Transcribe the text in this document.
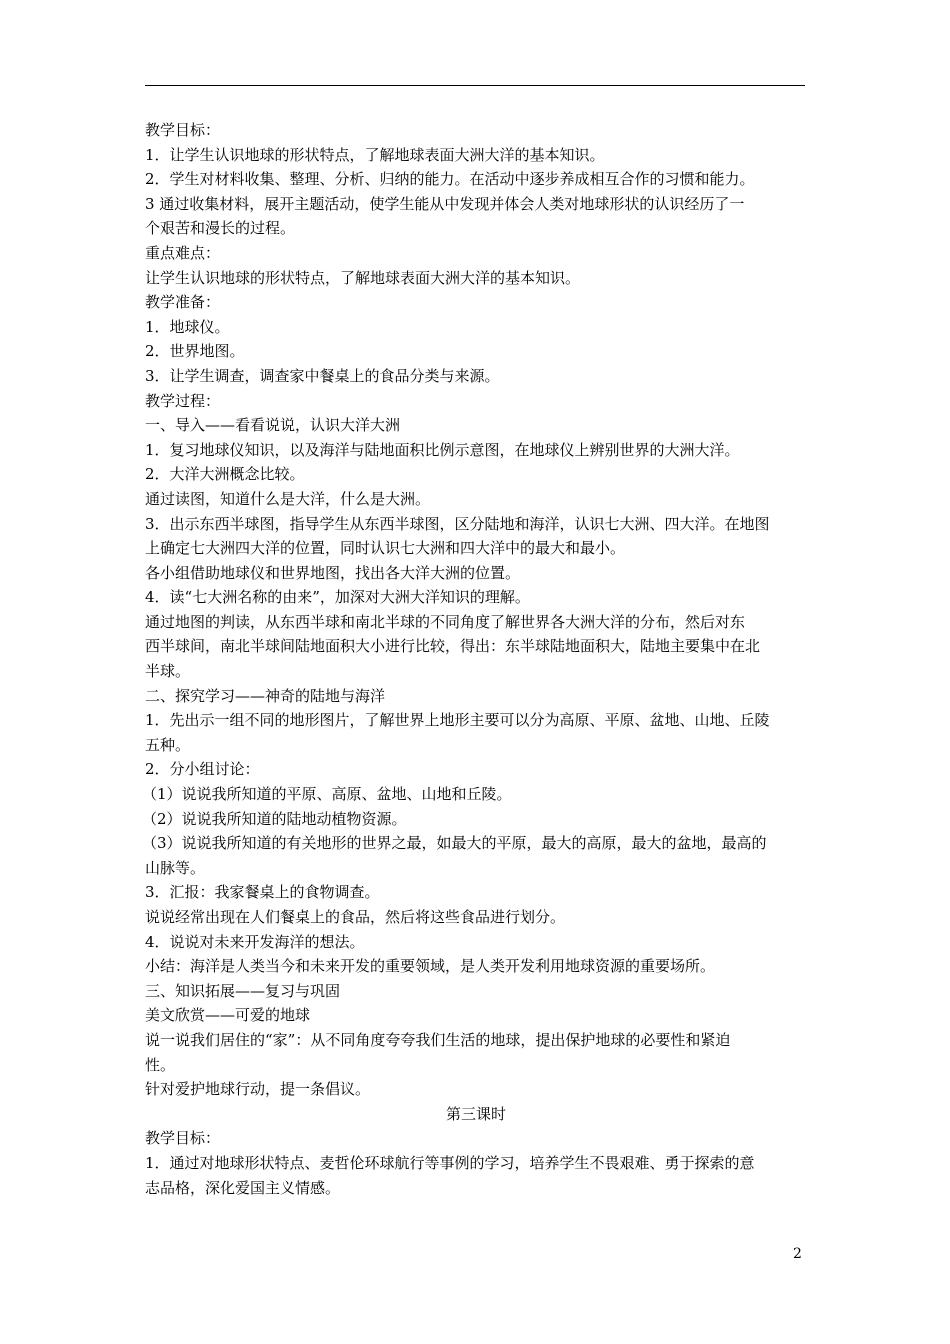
教学目标：
1．让学生认识地球的形状特点，了解地球表面大洲大洋的基本知识。
2．学生对材料收集、整理、分析、归纳的能力。在活动中逐步养成相互合作的习惯和能力。
3 通过收集材料，展开主题活动，使学生能从中发现并体会人类对地球形状的认识经历了一
个艰苦和漫长的过程。
重点难点：
让学生认识地球的形状特点，了解地球表面大洲大洋的基本知识。
教学准备：
1．地球仪。
2．世界地图。
3．让学生调查，调查家中餐桌上的食品分类与来源。
教学过程：
一、导入——看看说说，认识大洋大洲
1．复习地球仪知识，以及海洋与陆地面积比例示意图，在地球仪上辨别世界的大洲大洋。
2．大洋大洲概念比较。
通过读图，知道什么是大洋，什么是大洲。
3．出示东西半球图，指导学生从东西半球图，区分陆地和海洋，认识七大洲、四大洋。在地图
上确定七大洲四大洋的位置，同时认识七大洲和四大洋中的最大和最小。
各小组借助地球仪和世界地图，找出各大洋大洲的位置。
4．读“七大洲名称的由来”，加深对大洲大洋知识的理解。
通过地图的判读，从东西半球和南北半球的不同角度了解世界各大洲大洋的分布，然后对东
西半球间，南北半球间陆地面积大小进行比较，得出：东半球陆地面积大，陆地主要集中在北
半球。
二、探究学习——神奇的陆地与海洋
1．先出示一组不同的地形图片，了解世界上地形主要可以分为高原、平原、盆地、山地、丘陵
五种。
2．分小组讨论：
（1）说说我所知道的平原、高原、盆地、山地和丘陵。
（2）说说我所知道的陆地动植物资源。
（3）说说我所知道的有关地形的世界之最，如最大的平原，最大的高原，最大的盆地，最高的
山脉等。
3．汇报：我家餐桌上的食物调查。
说说经常出现在人们餐桌上的食品，然后将这些食品进行划分。
4．说说对未来开发海洋的想法。
小结：海洋是人类当今和未来开发的重要领域，是人类开发利用地球资源的重要场所。
三、知识拓展——复习与巩固
美文欣赏——可爱的地球
说一说我们居住的“家”：从不同角度夸夸我们生活的地球，提出保护地球的必要性和紧迫
性。
针对爱护地球行动，提一条倡议。
第三课时
教学目标：
1．通过对地球形状特点、麦哲伦环球航行等事例的学习，培养学生不畏艰难、勇于探索的意
志品格，深化爱国主义情感。
2
